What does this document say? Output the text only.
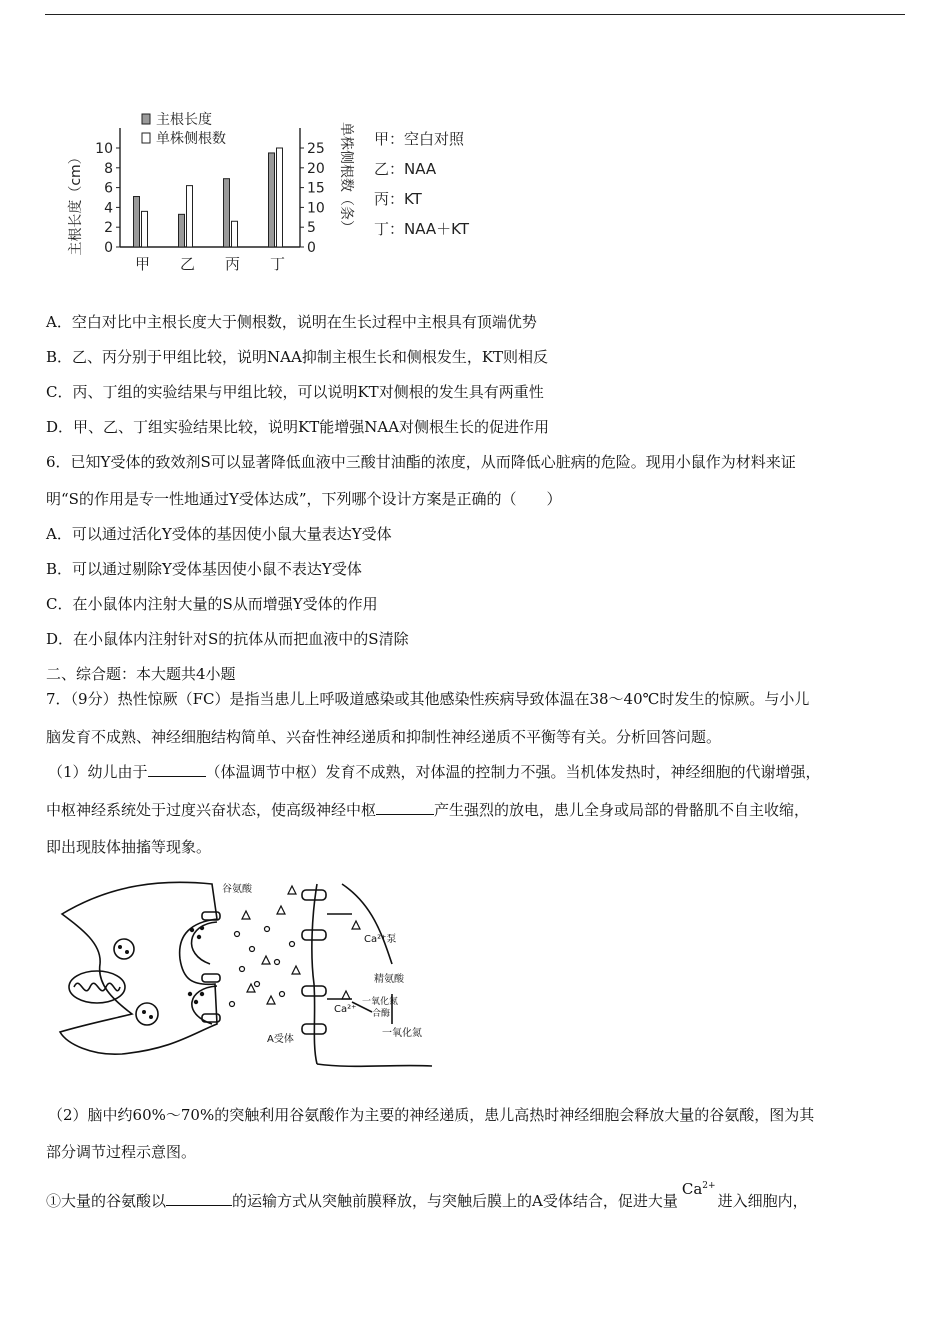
0
2
4
6
8
10
0
5
10
15
20
25
甲 乙 丙 丁
主根长度
单株侧根数
主根长度（cm）	单株侧根数（条） 甲：空白对照
乙：NAA
丙：KT
丁：NAA＋KT
A．空白对比中主根长度大于侧根数，说明在生长过程中主根具有顶端优势
B．乙、丙分别于甲组比较，说明NAA抑制主根生长和侧根发生，KT则相反
C．丙、丁组的实验结果与甲组比较，可以说明KT对侧根的发生具有两重性
D．甲、乙、丁组实验结果比较，说明KT能增强NAA对侧根生长的促进作用
6．已知Y受体的致效剂S可以显著降低血液中三酸甘油酯的浓度，从而降低心脏病的危险。现用小鼠作为材料来证
明“S的作用是专一性地通过Y受体达成”，下列哪个设计方案是正确的（　　）
A．可以通过活化Y受体的基因使小鼠大量表达Y受体
B．可以通过剔除Y受体基因使小鼠不表达Y受体
C．在小鼠体内注射大量的S从而增强Y受体的作用
D．在小鼠体内注射针对S的抗体从而把血液中的S清除
二、综合题：本大题共4小题
7．（9分）热性惊厥（FC）是指当患儿上呼吸道感染或其他感染性疾病导致体温在38～40℃时发生的惊厥。与小儿
脑发育不成熟、神经细胞结构简单、兴奋性神经递质和抑制性神经递质不平衡等有关。分析回答问题。
（1）幼儿由于	（体温调节中枢）发育不成熟，对体温的控制力不强。当机体发热时，神经细胞的代谢增强，
中枢神经系统处于过度兴奋状态，使高级神经中枢	产生强烈的放电，患儿全身或局部的骨骼肌不自主收缩，
即出现肢体抽搐等现象。
谷氨酸
Ca²⁺泵
精氨酸
一氧化氮
合酶
一氧化氮
Ca²⁺
A受体
（2）脑中约60%～70%的突触利用谷氨酸作为主要的神经递质，患儿高热时神经细胞会释放大量的谷氨酸，图为其
部分调节过程示意图。
①大量的谷氨酸以	的运输方式从突触前膜释放，与突触后膜上的A受体结合，促进大量$Ca^{2+}$进入细胞内，
